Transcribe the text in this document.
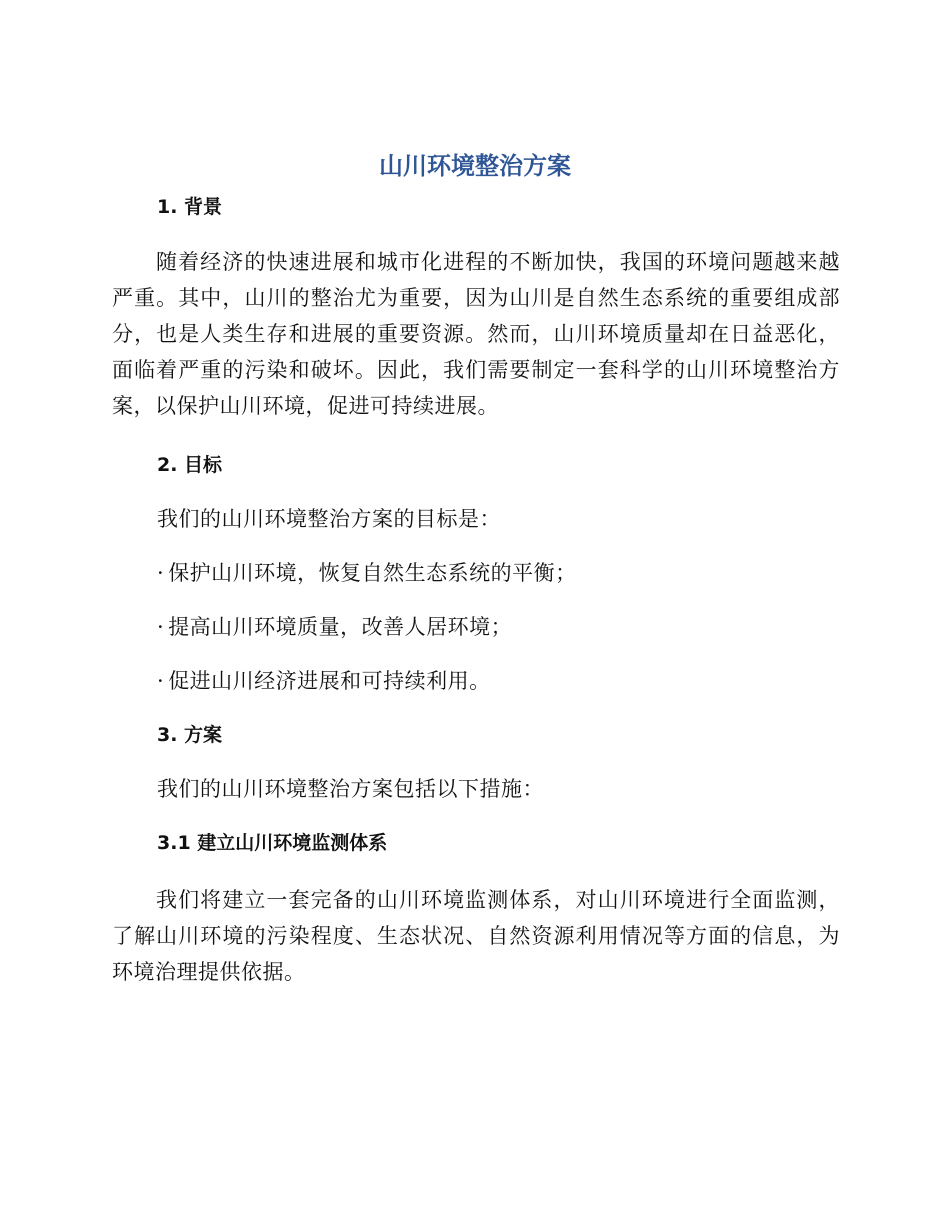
山川环境整治方案
1. 背景

随着经济的快速进展和城市化进程的不断加快，我国的环境问题越来越严重。其中，山川的整治尤为重要，因为山川是自然生态系统的重要组成部分，也是人类生存和进展的重要资源。然而，山川环境质量却在日益恶化，面临着严重的污染和破坏。因此，我们需要制定一套科学的山川环境整治方案，以保护山川环境，促进可持续进展。

2. 目标
我们的山川环境整治方案的目标是：
· 保护山川环境，恢复自然生态系统的平衡；
· 提高山川环境质量，改善人居环境；
· 促进山川经济进展和可持续利用。
3. 方案
我们的山川环境整治方案包括以下措施：
3.1 建立山川环境监测体系

我们将建立一套完备的山川环境监测体系，对山川环境进行全面监测，了解山川环境的污染程度、生态状况、自然资源利用情况等方面的信息，为环境治理提供依据。
